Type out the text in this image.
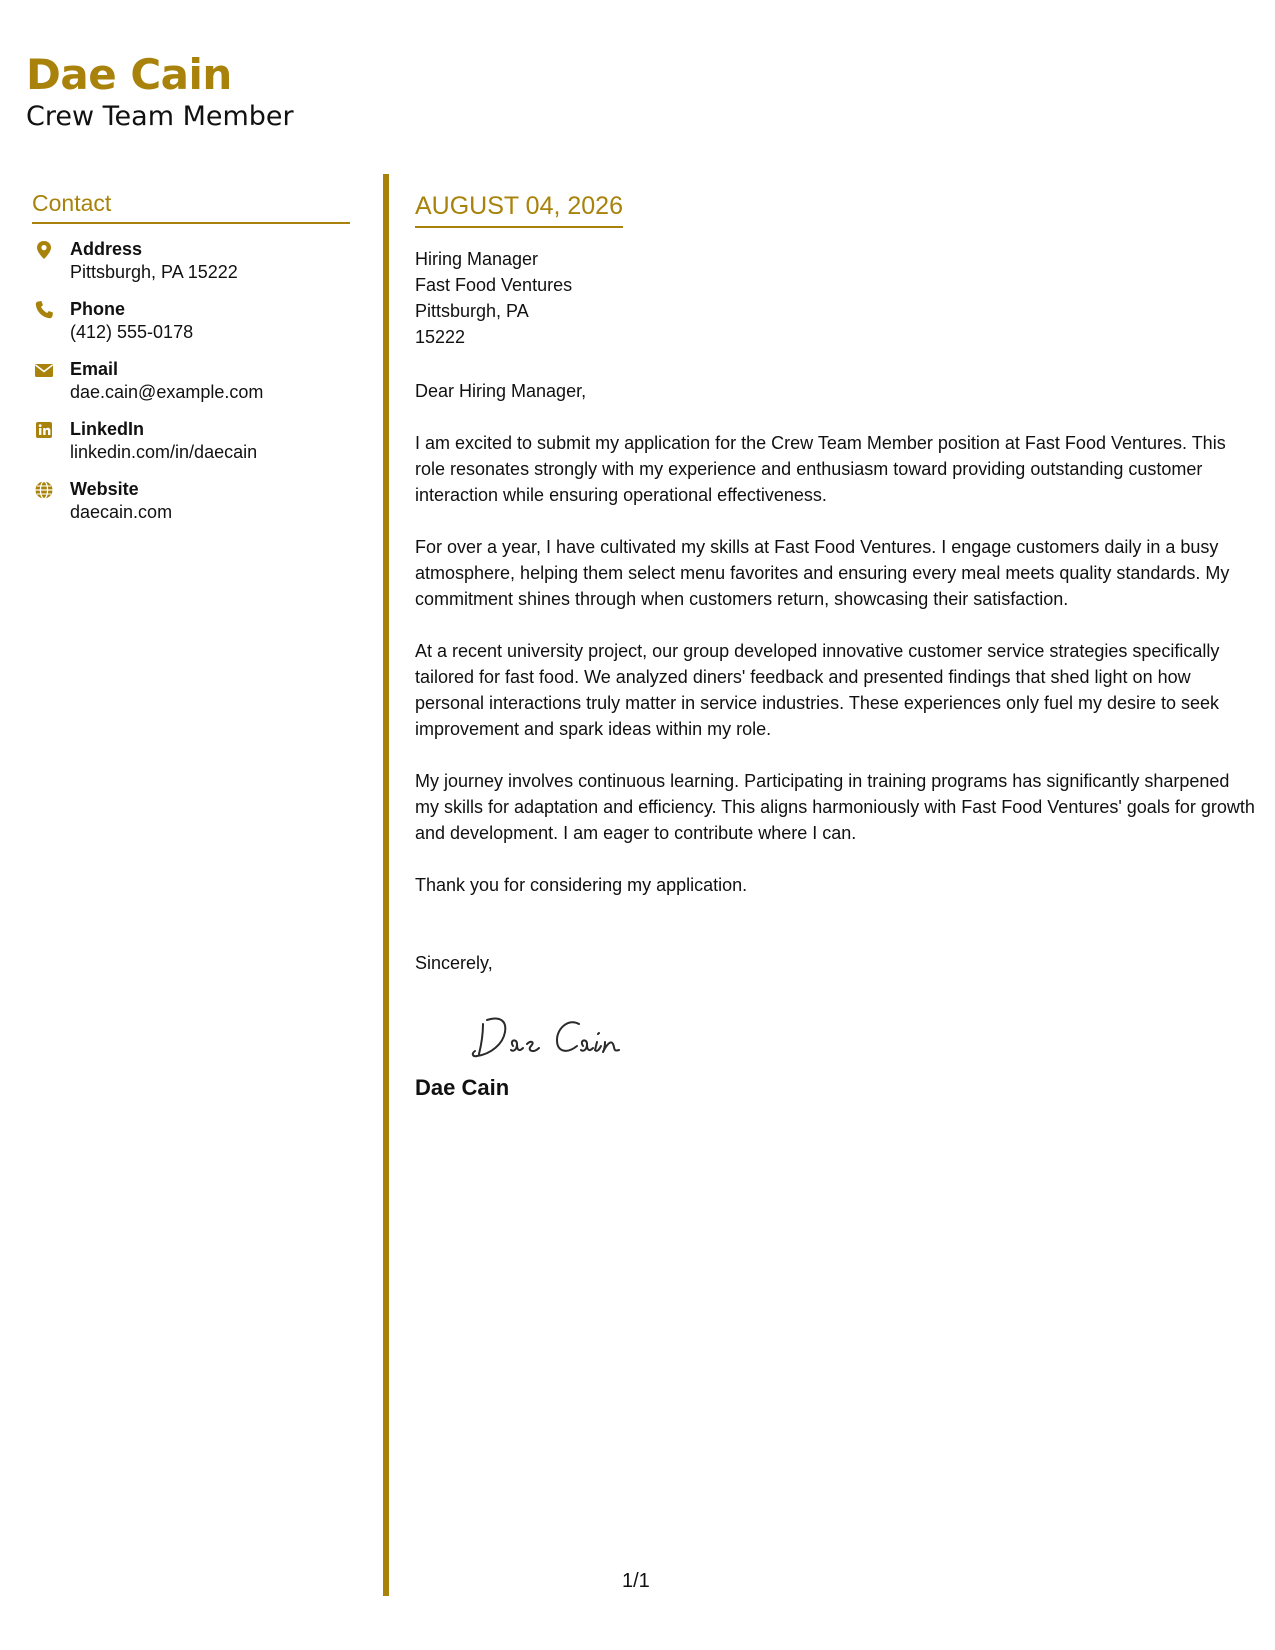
Dae Cain
Crew Team Member
Contact
Address
Pittsburgh, PA 15222
Phone
(412) 555-0178
Email
dae.cain@example.com
LinkedIn
linkedin.com/in/daecain
Website
daecain.com
AUGUST 04, 2026
Hiring Manager
Fast Food Ventures
Pittsburgh, PA
15222
Dear Hiring Manager,

I am excited to submit my application for the Crew Team Member position at Fast Food Ventures. This role resonates strongly with my experience and enthusiasm toward providing outstanding customer interaction while ensuring operational effectiveness.

For over a year, I have cultivated my skills at Fast Food Ventures. I engage customers daily in a busy atmosphere, helping them select menu favorites and ensuring every meal meets quality standards. My commitment shines through when customers return, showcasing their satisfaction.

At a recent university project, our group developed innovative customer service strategies specifically tailored for fast food. We analyzed diners' feedback and presented findings that shed light on how personal interactions truly matter in service industries. These experiences only fuel my desire to seek improvement and spark ideas within my role.

My journey involves continuous learning. Participating in training programs has significantly sharpened my skills for adaptation and efficiency. This aligns harmoniously with Fast Food Ventures' goals for growth and development. I am eager to contribute where I can.

Thank you for considering my application.

Sincerely,
Dae Cain
1/1
